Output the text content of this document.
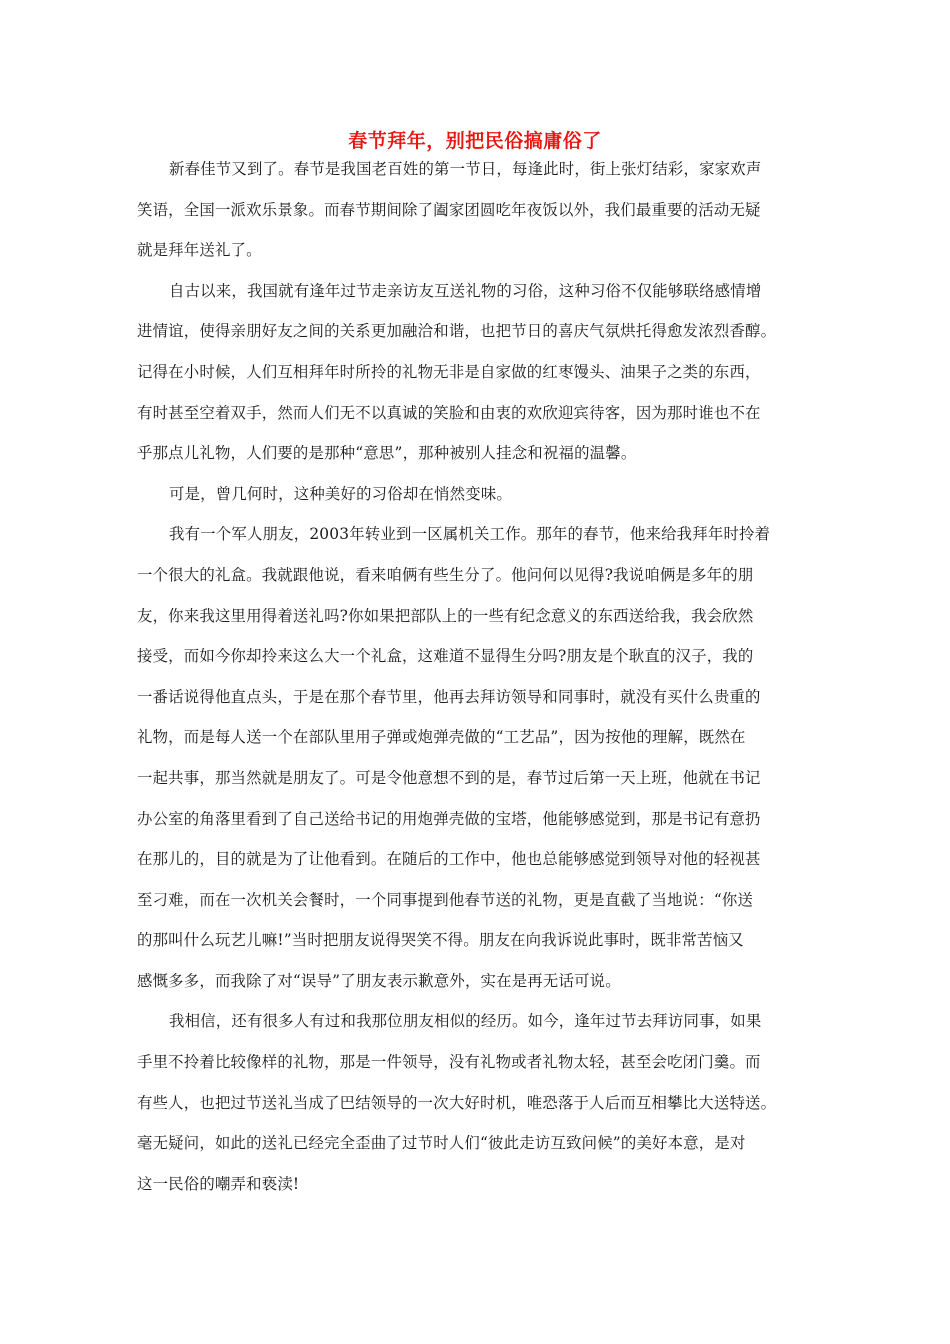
春节拜年，别把民俗搞庸俗了
新春佳节又到了。春节是我国老百姓的第一节日，每逢此时，街上张灯结彩，家家欢声
笑语，全国一派欢乐景象。而春节期间除了阖家团圆吃年夜饭以外，我们最重要的活动无疑
就是拜年送礼了。
自古以来，我国就有逢年过节走亲访友互送礼物的习俗，这种习俗不仅能够联络感情增
进情谊，使得亲朋好友之间的关系更加融洽和谐，也把节日的喜庆气氛烘托得愈发浓烈香醇。
记得在小时候，人们互相拜年时所拎的礼物无非是自家做的红枣馒头、油果子之类的东西，
有时甚至空着双手，然而人们无不以真诚的笑脸和由衷的欢欣迎宾待客，因为那时谁也不在
乎那点儿礼物，人们要的是那种“意思”，那种被别人挂念和祝福的温馨。
可是，曾几何时，这种美好的习俗却在悄然变味。
我有一个军人朋友，2003年转业到一区属机关工作。那年的春节，他来给我拜年时拎着
一个很大的礼盒。我就跟他说，看来咱俩有些生分了。他问何以见得?我说咱俩是多年的朋
友，你来我这里用得着送礼吗?你如果把部队上的一些有纪念意义的东西送给我，我会欣然
接受，而如今你却拎来这么大一个礼盒，这难道不显得生分吗?朋友是个耿直的汉子，我的
一番话说得他直点头，于是在那个春节里，他再去拜访领导和同事时，就没有买什么贵重的
礼物，而是每人送一个在部队里用子弹或炮弹壳做的“工艺品”，因为按他的理解，既然在
一起共事，那当然就是朋友了。可是令他意想不到的是，春节过后第一天上班，他就在书记
办公室的角落里看到了自己送给书记的用炮弹壳做的宝塔，他能够感觉到，那是书记有意扔
在那儿的，目的就是为了让他看到。在随后的工作中，他也总能够感觉到领导对他的轻视甚
至刁难，而在一次机关会餐时，一个同事提到他春节送的礼物，更是直截了当地说：“你送
的那叫什么玩艺儿嘛!”当时把朋友说得哭笑不得。朋友在向我诉说此事时，既非常苦恼又
感慨多多，而我除了对“误导”了朋友表示歉意外，实在是再无话可说。
我相信，还有很多人有过和我那位朋友相似的经历。如今，逢年过节去拜访同事，如果
手里不拎着比较像样的礼物，那是一件领导，没有礼物或者礼物太轻，甚至会吃闭门羹。而
有些人，也把过节送礼当成了巴结领导的一次大好时机，唯恐落于人后而互相攀比大送特送。
毫无疑问，如此的送礼已经完全歪曲了过节时人们“彼此走访互致问候”的美好本意，是对
这一民俗的嘲弄和亵渎!
